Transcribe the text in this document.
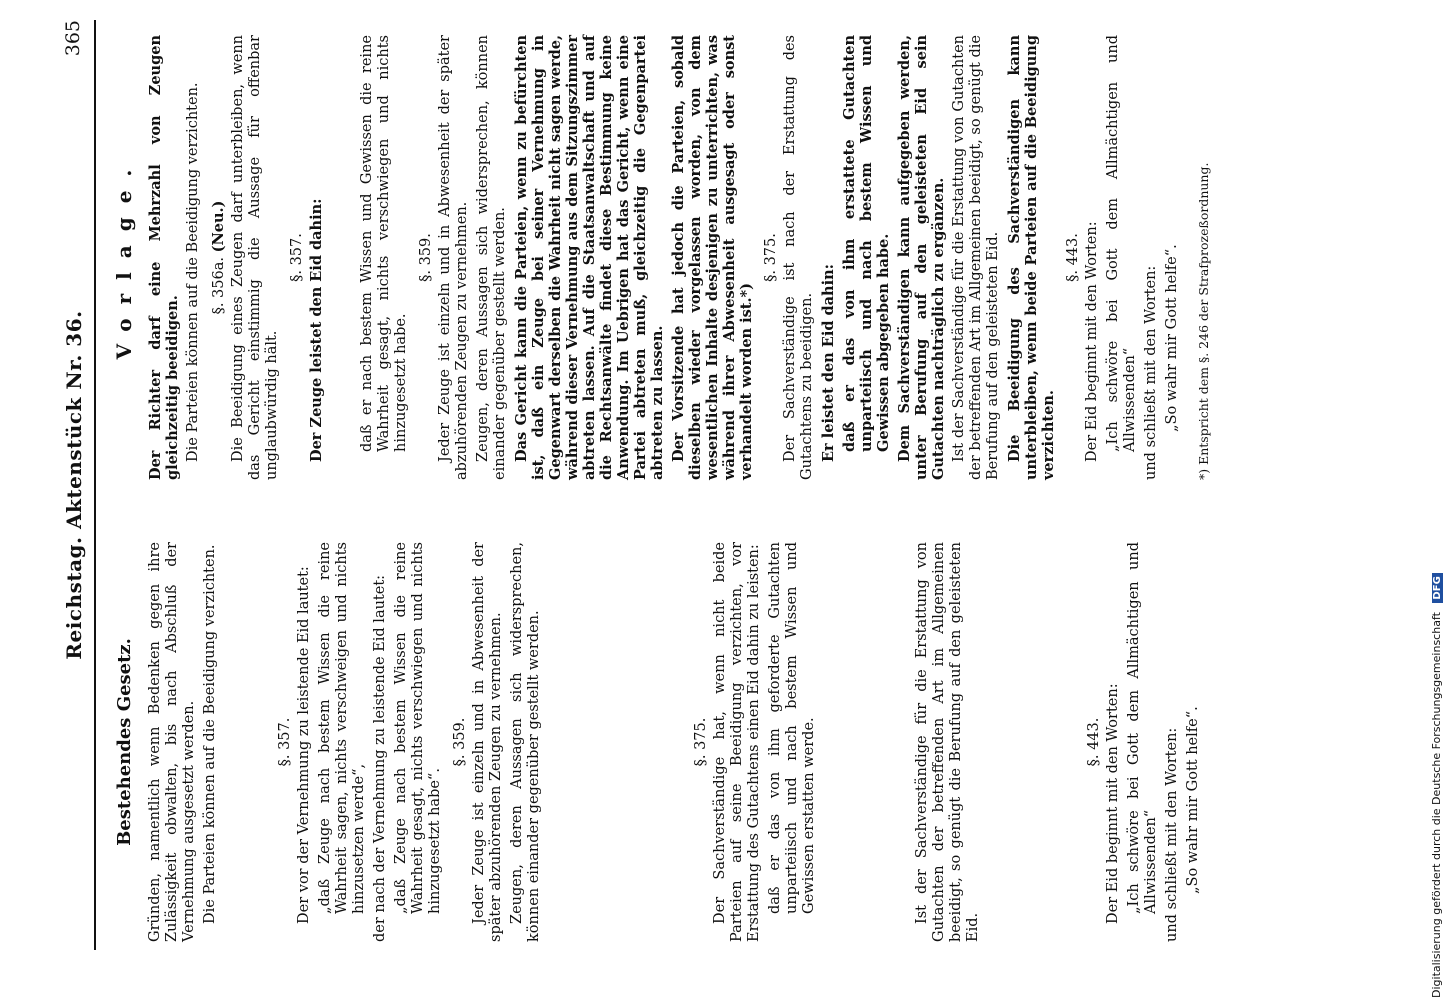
Reichstag. Aktenstück Nr. 36.
365
Bestehendes Gesetz. Gründen, namentlich wenn Bedenken gegen ihre Zulässigkeit obwalten, bis nach Abschluß der Vernehmung ausgesetzt werden. Die Parteien können auf die Beeidigung verzichten.	§. 357. Der vor der Vernehmung zu leistende Eid lautet: „daß Zeuge nach bestem Wissen die reine Wahrheit sagen, nichts verschweigen und nichts hinzusetzen werde“, der nach der Vernehmung zu leistende Eid lautet: „daß Zeuge nach bestem Wissen die reine Wahrheit gesagt, nichts verschwiegen und nichts hinzugesetzt habe“.
§. 359. Jeder Zeuge ist einzeln und in Abwesenheit der später abzuhörenden Zeugen zu vernehmen. Zeugen, deren Aussagen sich widersprechen, können einander gegenüber gestellt werden.	§. 375. Der Sachverständige hat, wenn nicht beide Parteien auf seine Beeidigung verzichten, vor Erstattung des Gutachtens einen Eid dahin zu leisten: daß er das von ihm geforderte Gutachten unparteiisch und nach bestem Wissen und Gewissen erstatten werde.	Ist der Sachverständige für die Erstattung von Gutachten der betreffenden Art im Allgemeinen beeidigt, so genügt die Berufung auf den geleisteten Eid.
§. 443. Der Eid beginnt mit den Worten: „Ich schwöre bei Gott dem Allmächtigen und Allwissenden“ und schließt mit den Worten: „So wahr mir Gott helfe“.
Vorlage. Der Richter darf eine Mehrzahl von Zeugen gleichzeitig beeidigen. Die Parteien können auf die Beeidigung verzichten. §. 356a. (Neu.) Die Beeidigung eines Zeugen darf unterbleiben, wenn das Gericht einstimmig die Aussage für offenbar unglaubwürdig hält.
§. 357. Der Zeuge leistet den Eid dahin: daß er nach bestem Wissen und Gewissen die reine Wahrheit gesagt, nichts verschwiegen und nichts hinzugesetzt habe.
§. 359. Jeder Zeuge ist einzeln und in Abwesenheit der später abzuhörenden Zeugen zu vernehmen. Zeugen, deren Aussagen sich widersprechen, können einander gegenüber gestellt werden. Das Gericht kann die Parteien, wenn zu befürchten ist, daß ein Zeuge bei seiner Vernehmung in Gegenwart derselben die Wahrheit nicht sagen werde, während dieser Vernehmung aus dem Sitzungszimmer abtreten lassen. Auf die Staatsanwaltschaft und auf die Rechtsanwälte findet diese Bestimmung keine Anwendung. Im Uebrigen hat das Gericht, wenn eine Partei abtreten muß, gleichzeitig die Gegenpartei abtreten zu lassen. Der Vorsitzende hat jedoch die Parteien, sobald dieselben wieder vorgelassen worden, von dem wesentlichen Inhalte desjenigen zu unterrichten, was während ihrer Abwesenheit ausgesagt oder sonst verhandelt worden ist.*)
§. 375. Der Sachverständige ist nach der Erstattung des Gutachtens zu beeidigen. Er leistet den Eid dahin: daß er das von ihm erstattete Gutachten unparteiisch und nach bestem Wissen und Gewissen abgegeben habe. Dem Sachverständigen kann aufgegeben werden, unter Berufung auf den geleisteten Eid sein Gutachten nachträglich zu ergänzen. Ist der Sachverständige für die Erstattung von Gutachten der betreffenden Art im Allgemeinen beeidigt, so genügt die Berufung auf den geleisteten Eid. Die Beeidigung des Sachverständigen kann unterbleiben, wenn beide Parteien auf die Beeidigung verzichten.
§. 443. Der Eid beginnt mit den Worten: „Ich schwöre bei Gott dem Allmächtigen und Allwissenden“ und schließt mit den Worten: „So wahr mir Gott helfe“. *) Entspricht dem §. 246 der Strafprozeßordnung.
Digitalisierung gefördert durch die Deutsche Forschungsgemeinschaft DFG
